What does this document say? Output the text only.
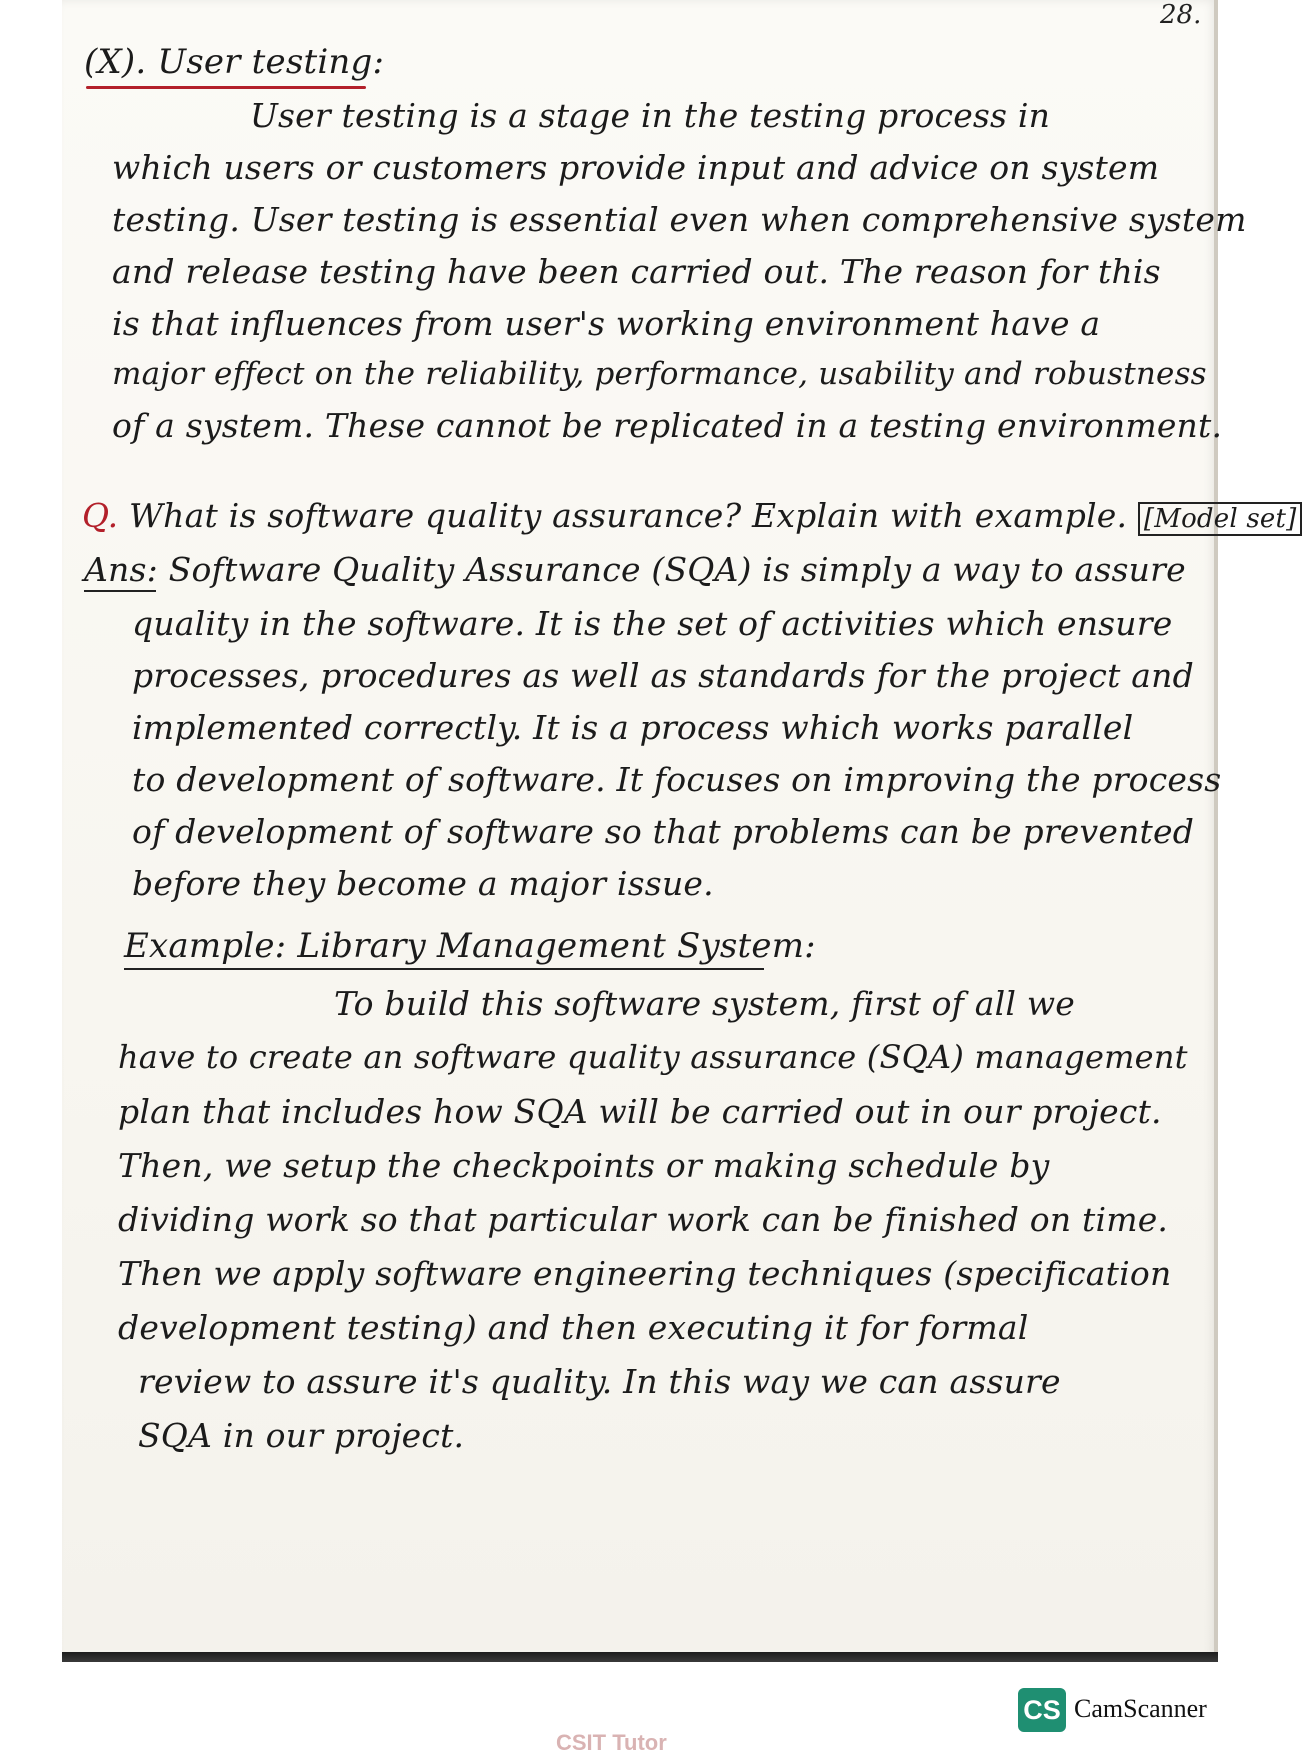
28.
(X). User testing:
User testing is a stage in the testing process in
which users or customers provide input and advice on system
testing. User testing is essential even when comprehensive system
and release testing have been carried out. The reason for this
is that influences from user's working environment have a
major effect on the reliability, performance, usability and robustness
of a system. These cannot be replicated in a testing environment.
Q. What is software quality assurance? Explain with example. [Model set]
Ans: Software Quality Assurance (SQA) is simply a way to assure
quality in the software. It is the set of activities which ensure
processes, procedures as well as standards for the project and
implemented correctly. It is a process which works parallel
to development of software. It focuses on improving the process
of development of software so that problems can be prevented
before they become a major issue.
Example: Library Management System:
To build this software system, first of all we
have to create an software quality assurance (SQA) management
plan that includes how SQA will be carried out in our project.
Then, we setup the checkpoints or making schedule by
dividing work so that particular work can be finished on time.
Then we apply software engineering techniques (specification
development testing) and then executing it for formal
review to assure it's quality. In this way we can assure
SQA in our project.
CS CamScanner
CSIT Tutor
